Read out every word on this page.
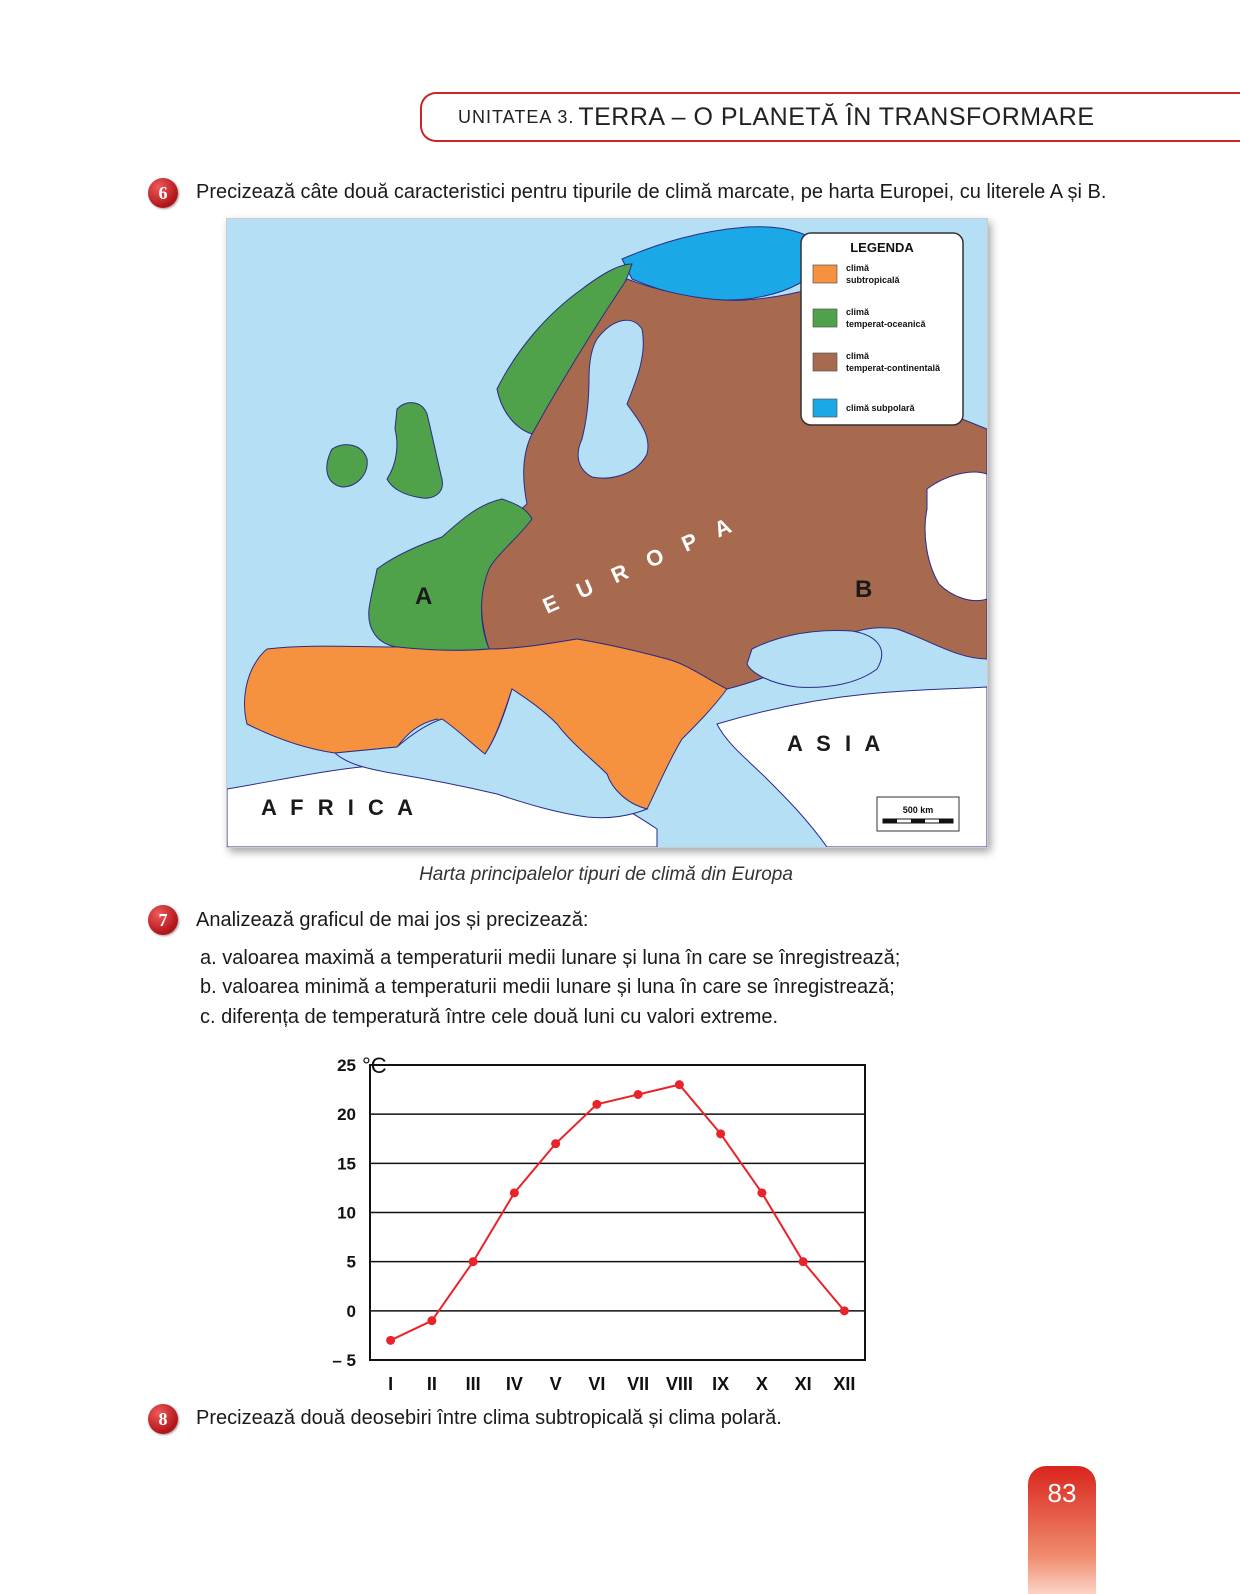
UNITATEA 3. TERRA – O PLANETĂ ÎN TRANSFORMARE
6	Precizează câte două caracteristici pentru tipurile de climă marcate, pe harta Europei, cu literele A și B.
LEGENDA
climă
subtropicală
climă
temperat-oceanică
climă
temperat-continentală
climă subpolară
A	B
E U R O P A
A S I A
A F R I C A	500 km
Harta principalelor tipuri de climă din Europa
7	Analizează graficul de mai jos și precizează:
a. valoarea maximă a temperaturii medii lunare și luna în care se înregistrează;
b. valoarea minimă a temperaturii medii lunare și luna în care se înregistrează;
c. diferența de temperatură între cele două luni cu valori extreme.
°C
– 5
0
5
10
15
20
25
I II III IV V VI VII VIII IX X XI XII
8	Precizează două deosebiri între clima subtropicală și clima polară.
83
